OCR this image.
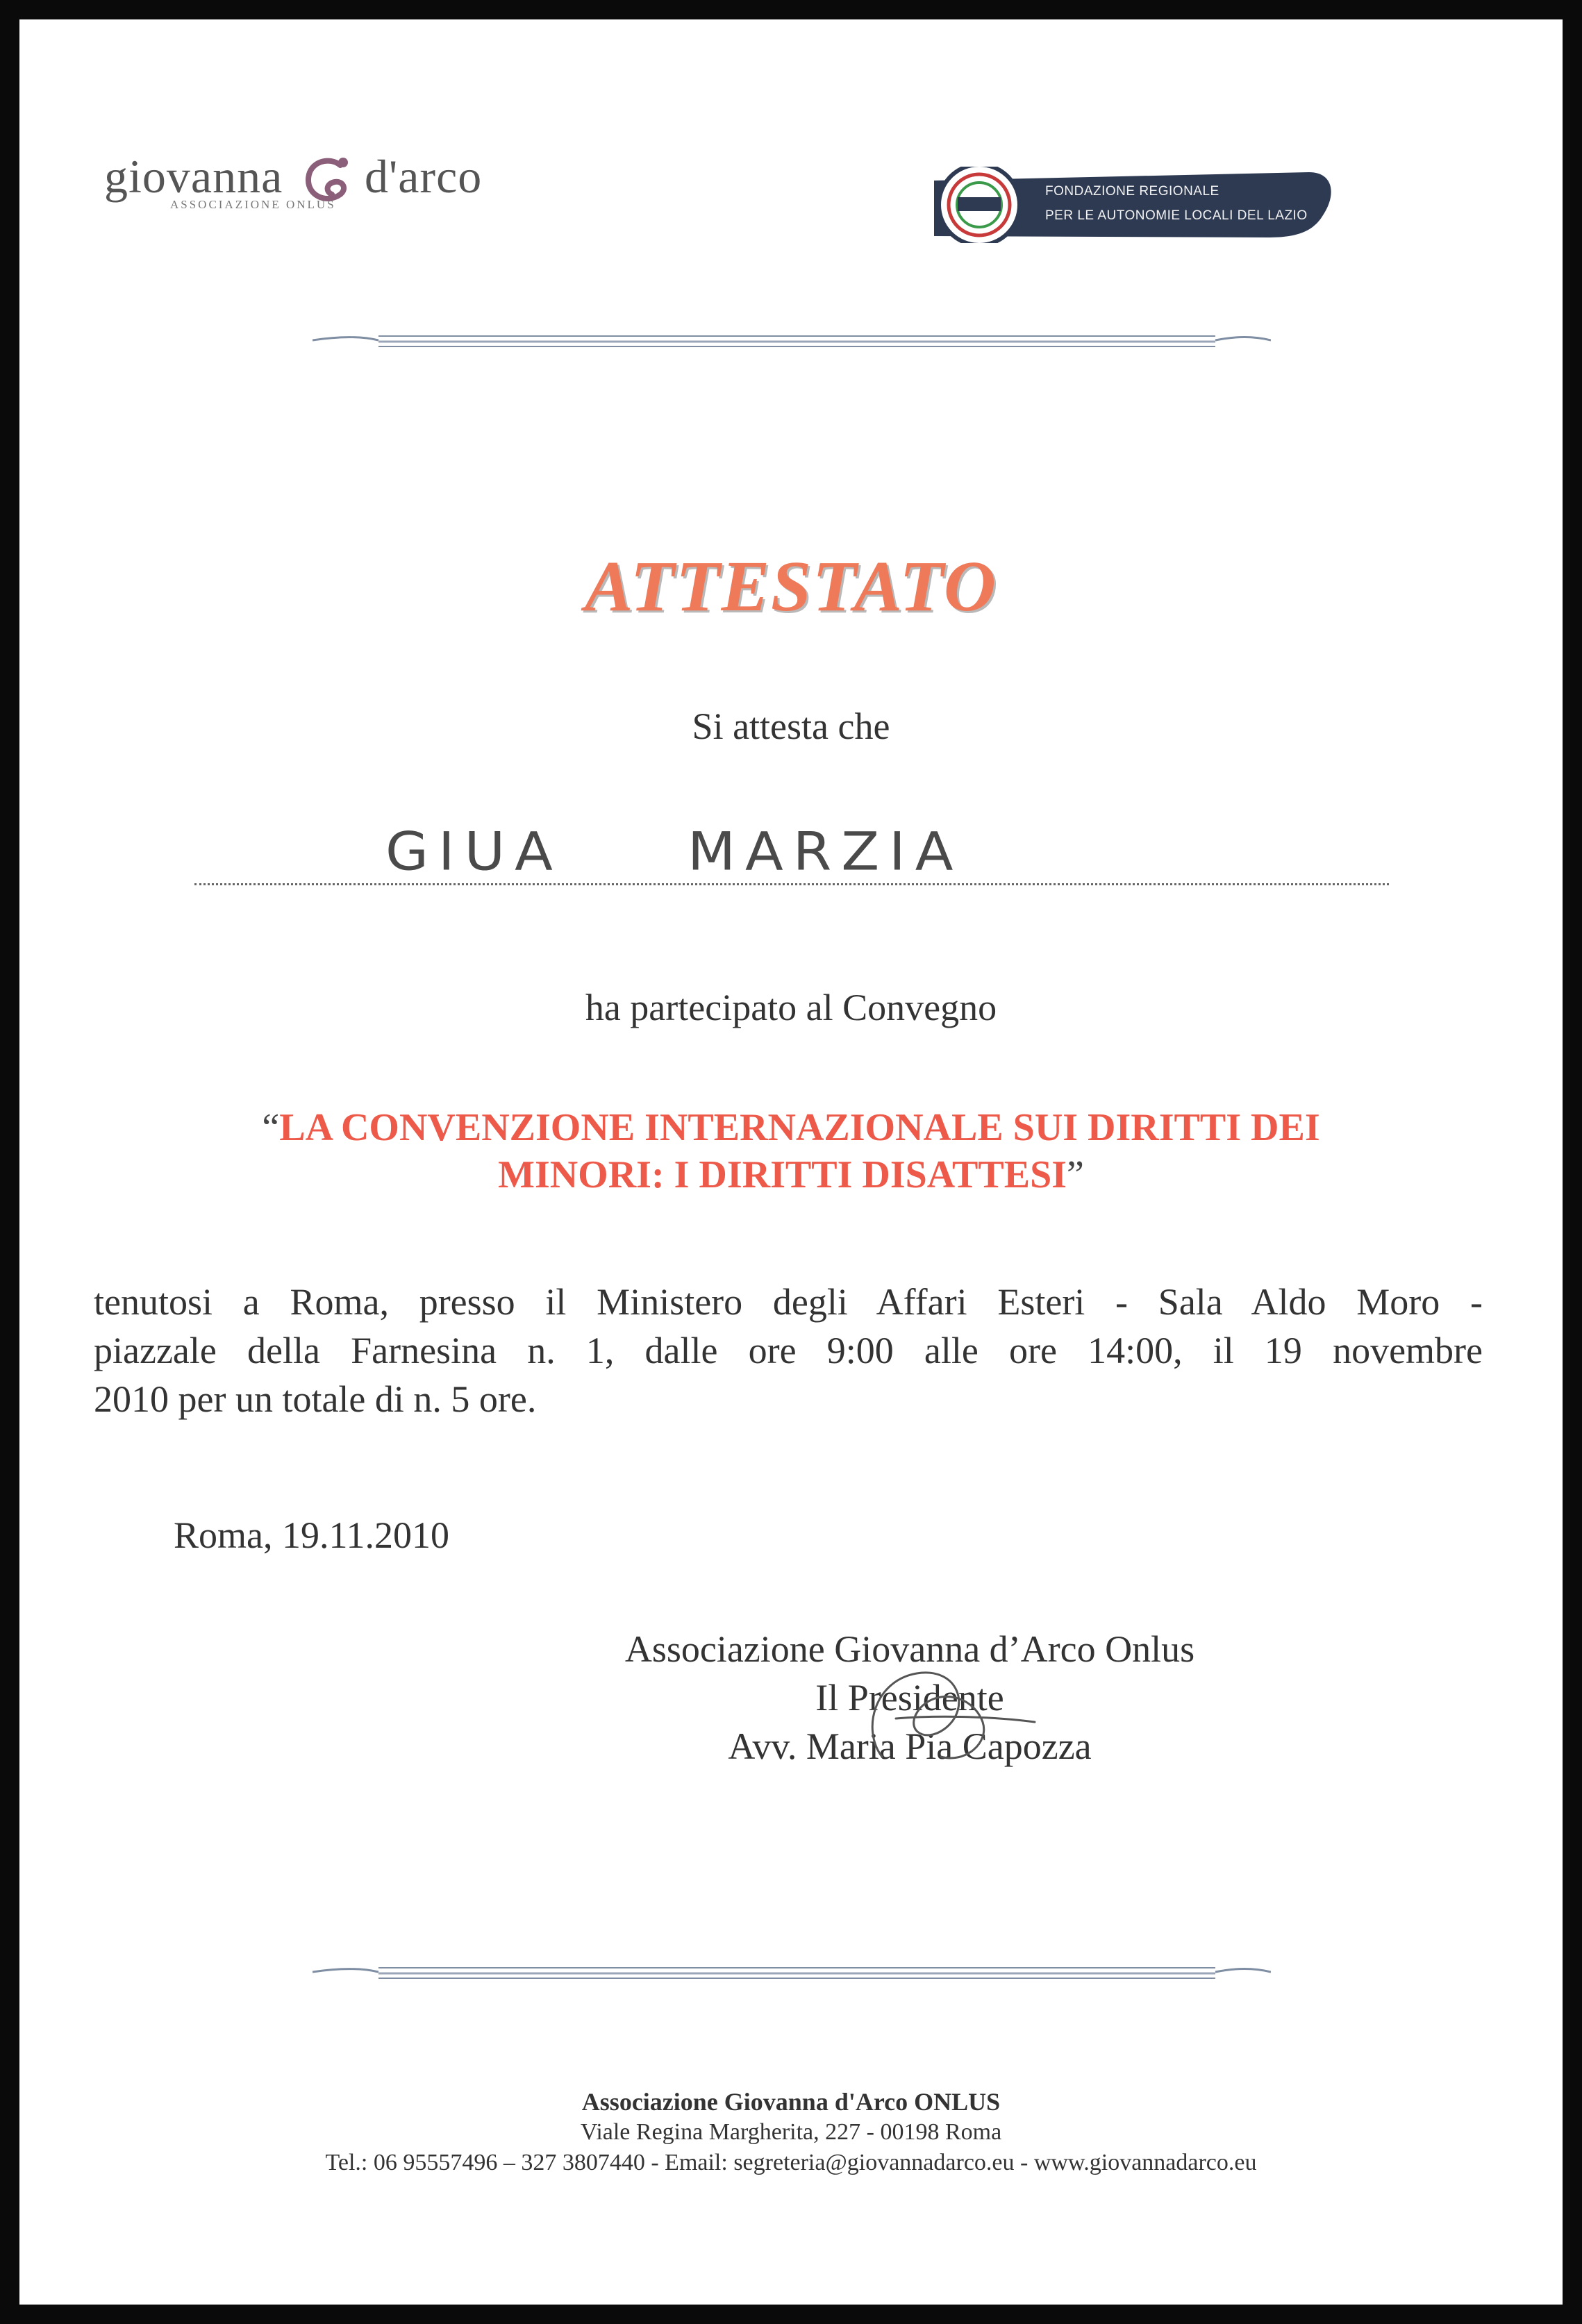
giovanna d'arco
ASSOCIAZIONE ONLUS
FONDAZIONE REGIONALE
PER LE AUTONOMIE LOCALI DEL LAZIO
ATTESTATO
Si attesta che
GIUA MARZIA
ha partecipato al Convegno
“LA CONVENZIONE INTERNAZIONALE SUI DIRITTI DEI
MINORI: I DIRITTI DISATTESI”
tenutosi a Roma, presso il Ministero degli Affari Esteri - Sala Aldo Moro -
piazzale della Farnesina n. 1, dalle ore 9:00 alle ore 14:00, il 19 novembre
2010 per un totale di n. 5 ore.
Roma, 19.11.2010
Associazione Giovanna d’Arco Onlus
Il Presidente
Avv. Maria Pia Capozza
Associazione Giovanna d'Arco ONLUS
Viale Regina Margherita, 227 - 00198 Roma
Tel.: 06 95557496 – 327 3807440 - Email: segreteria@giovannadarco.eu - www.giovannadarco.eu
